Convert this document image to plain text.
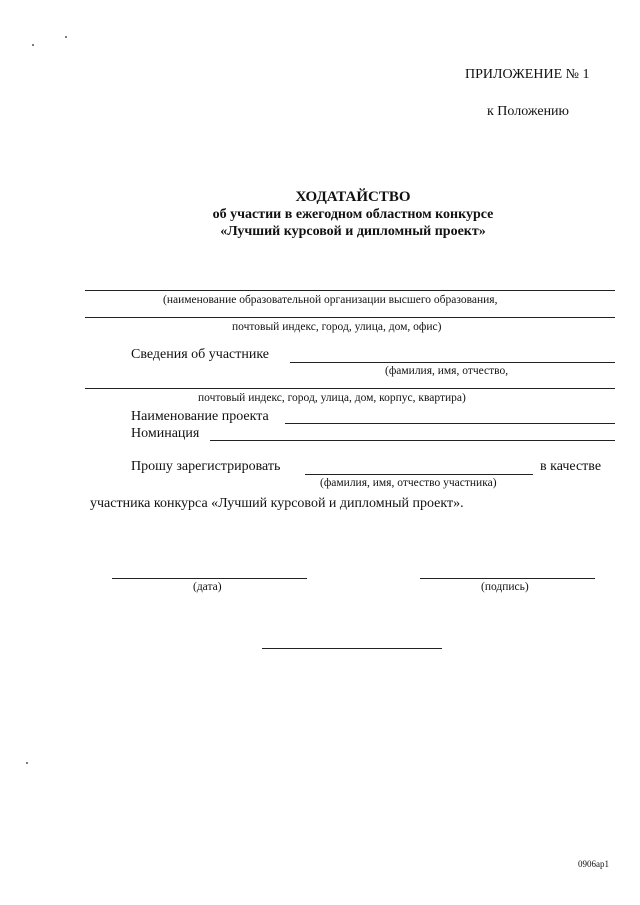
ПРИЛОЖЕНИЕ № 1
к Положению
ХОДАТАЙСТВО
об участии в ежегодном областном конкурсе
«Лучший курсовой и дипломный проект»
(наименование образовательной организации высшего образования,
почтовый индекс, город, улица, дом, офис)
Сведения об участнике
(фамилия, имя, отчество,
почтовый индекс, город, улица, дом, корпус, квартира)
Наименование проекта
Номинация
Прошу зарегистрировать	в качестве
(фамилия, имя, отчество участника)
участника конкурса «Лучший курсовой и дипломный проект».
(дата)	(подпись)
0906ар1
